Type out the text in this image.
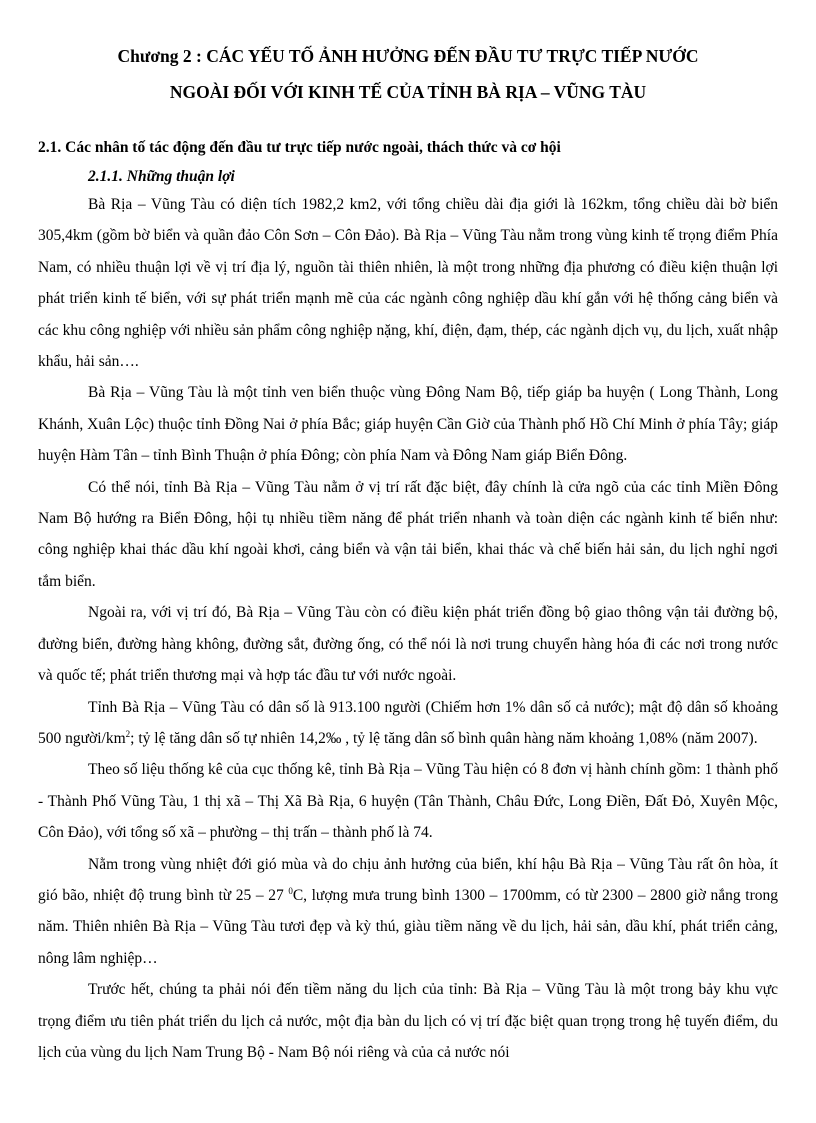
Chương 2 : CÁC YẾU TỐ ẢNH HƯỞNG ĐẾN ĐẦU TƯ TRỰC TIẾP NƯỚC
NGOÀI ĐỐI VỚI KINH TẾ CỦA TỈNH BÀ RỊA – VŨNG TÀU
2.1. Các nhân tố tác động đến đầu tư trực tiếp nước ngoài, thách thức và cơ hội
2.1.1. Những thuận lợi

Bà Rịa – Vũng Tàu có diện tích 1982,2 km2, với tổng chiều dài địa giới là 162km, tổng chiều dài bờ biển 305,4km (gồm bờ biển và quần đảo Côn Sơn – Côn Đảo). Bà Rịa – Vũng Tàu nằm trong vùng kinh tế trọng điểm Phía Nam, có nhiều thuận lợi về vị trí địa lý, nguồn tài thiên nhiên, là một trong những địa phương có điều kiện thuận lợi phát triển kinh tế biển, với sự phát triển mạnh mẽ của các ngành công nghiệp dầu khí gắn với hệ thống cảng biển và các khu công nghiệp với nhiều sản phẩm công nghiệp nặng, khí, điện, đạm, thép, các ngành dịch vụ, du lịch, xuất nhập khẩu, hải sản….

Bà Rịa – Vũng Tàu là một tỉnh ven biển thuộc vùng Đông Nam Bộ, tiếp giáp ba huyện ( Long Thành, Long Khánh, Xuân Lộc) thuộc tỉnh Đồng Nai ở phía Bắc; giáp huyện Cần Giờ của Thành phố Hồ Chí Minh ở phía Tây; giáp huyện Hàm Tân – tỉnh Bình Thuận ở phía Đông; còn phía Nam và Đông Nam giáp Biển Đông.

Có thể nói, tỉnh Bà Rịa – Vũng Tàu nằm ở vị trí rất đặc biệt, đây chính là cửa ngõ của các tỉnh Miền Đông Nam Bộ hướng ra Biển Đông, hội tụ nhiều tiềm năng để phát triển nhanh và toàn diện các ngành kinh tế biển như: công nghiệp khai thác dầu khí ngoài khơi, cảng biển và vận tải biển, khai thác và chế biến hải sản, du lịch nghỉ ngơi tắm biển.

Ngoài ra, với vị trí đó, Bà Rịa – Vũng Tàu còn có điều kiện phát triển đồng bộ giao thông vận tải đường bộ, đường biển, đường hàng không, đường sắt, đường ống, có thể nói là nơi trung chuyển hàng hóa đi các nơi trong nước và quốc tế; phát triển thương mại và hợp tác đầu tư với nước ngoài.

Tỉnh Bà Rịa – Vũng Tàu có dân số là 913.100 người (Chiếm hơn 1% dân số cả nước); mật độ dân số khoảng 500 người/$km^2$; tỷ lệ tăng dân số tự nhiên 14,2‰ , tỷ lệ tăng dân số bình quân hàng năm khoảng 1,08% (năm 2007).

Theo số liệu thống kê của cục thống kê, tỉnh Bà Rịa – Vũng Tàu hiện có 8 đơn vị hành chính gồm: 1 thành phố - Thành Phố Vũng Tàu, 1 thị xã – Thị Xã Bà Rịa, 6 huyện (Tân Thành, Châu Đức, Long Điền, Đất Đỏ, Xuyên Mộc, Côn Đảo), với tổng số xã – phường – thị trấn – thành phố là 74.

Nằm trong vùng nhiệt đới gió mùa và do chịu ảnh hưởng của biển, khí hậu Bà Rịa – Vũng Tàu rất ôn hòa, ít gió bão, nhiệt độ trung bình từ 25 – 27 $^0$C, lượng mưa trung bình 1300 – 1700mm, có từ 2300 – 2800 giờ nắng trong năm. Thiên nhiên Bà Rịa – Vũng Tàu tươi đẹp và kỳ thú, giàu tiềm năng về du lịch, hải sản, dầu khí, phát triển cảng, nông lâm nghiệp…

Trước hết, chúng ta phải nói đến tiềm năng du lịch của tỉnh: Bà Rịa – Vũng Tàu là một trong bảy khu vực trọng điểm ưu tiên phát triển du lịch cả nước, một địa bàn du lịch có vị trí đặc biệt quan trọng trong hệ tuyến điểm, du lịch của vùng du lịch Nam Trung Bộ - Nam Bộ nói riêng và của cả nước nói
